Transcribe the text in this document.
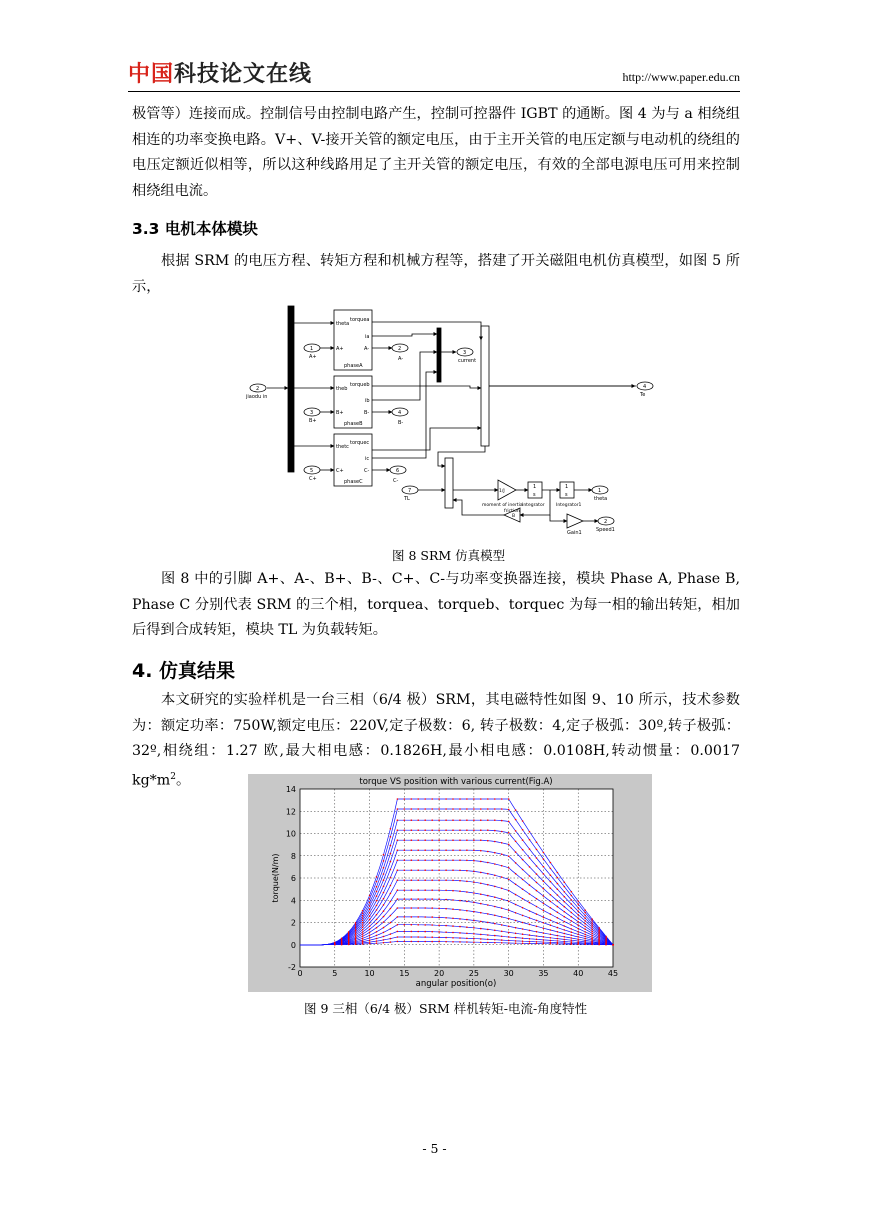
中国科技论文在线	http://www.paper.edu.cn

极管等）连接而成。控制信号由控制电路产生，控制可控器件 IGBT 的通断。图 4 为与 a 相绕组相连的功率变换电路。V+、V-接开关管的额定电压，由于主开关管的电压定额与电动机的绕组的电压定额近似相等，所以这种线路用足了主开关管的额定电压，有效的全部电源电压可用来控制相绕组电流。

3.3 电机本体模块

根据 SRM 的电压方程、转矩方程和机械方程等，搭建了开关磁阻电机仿真模型，如图 5 所示，

2
jiaodu in
1
A+
3
B+
5
C+
2
A-
4
B-
6
C-
3
current
4
Te
7
TL
1/J
moment of inertia
friction
1
s
1
s
Integrator	Integrator1
1
theta
2
Speed1
Gain1
B
theta
torquea
ia
A+	A-
phaseA
theb
torqueb
ib
B+	B-
phaseB
thetc
torquec
ic
C+	C-
phaseC
图 8 SRM 仿真模型

图 8 中的引脚 A+、A-、B+、B-、C+、C-与功率变换器连接，模块 Phase A, Phase B, Phase C 分别代表 SRM 的三个相，torquea、torqueb、torquec 为每一相的输出转矩，相加后得到合成转矩，模块 TL 为负载转矩。

4. 仿真结果

本文研究的实验样机是一台三相（6/4 极）SRM，其电磁特性如图 9、10 所示，技术参数为：额定功率：750W,额定电压：220V,定子极数：6, 转子极数：4,定子极弧：30º,转子极弧：32º,相绕组：1.27 欧,最大相电感：0.1826H,最小相电感：0.0108H,转动惯量：0.0017 $kg*m^2$。

0	5	10	15	20	25	30	35	40	45
-2
0
2
4
6
8
10
12
14
torque VS position with various current(Fig.A)
angular position(o)
torque(N/m)
图 9 三相（6/4 极）SRM 样机转矩-电流-角度特性
- 5 -
